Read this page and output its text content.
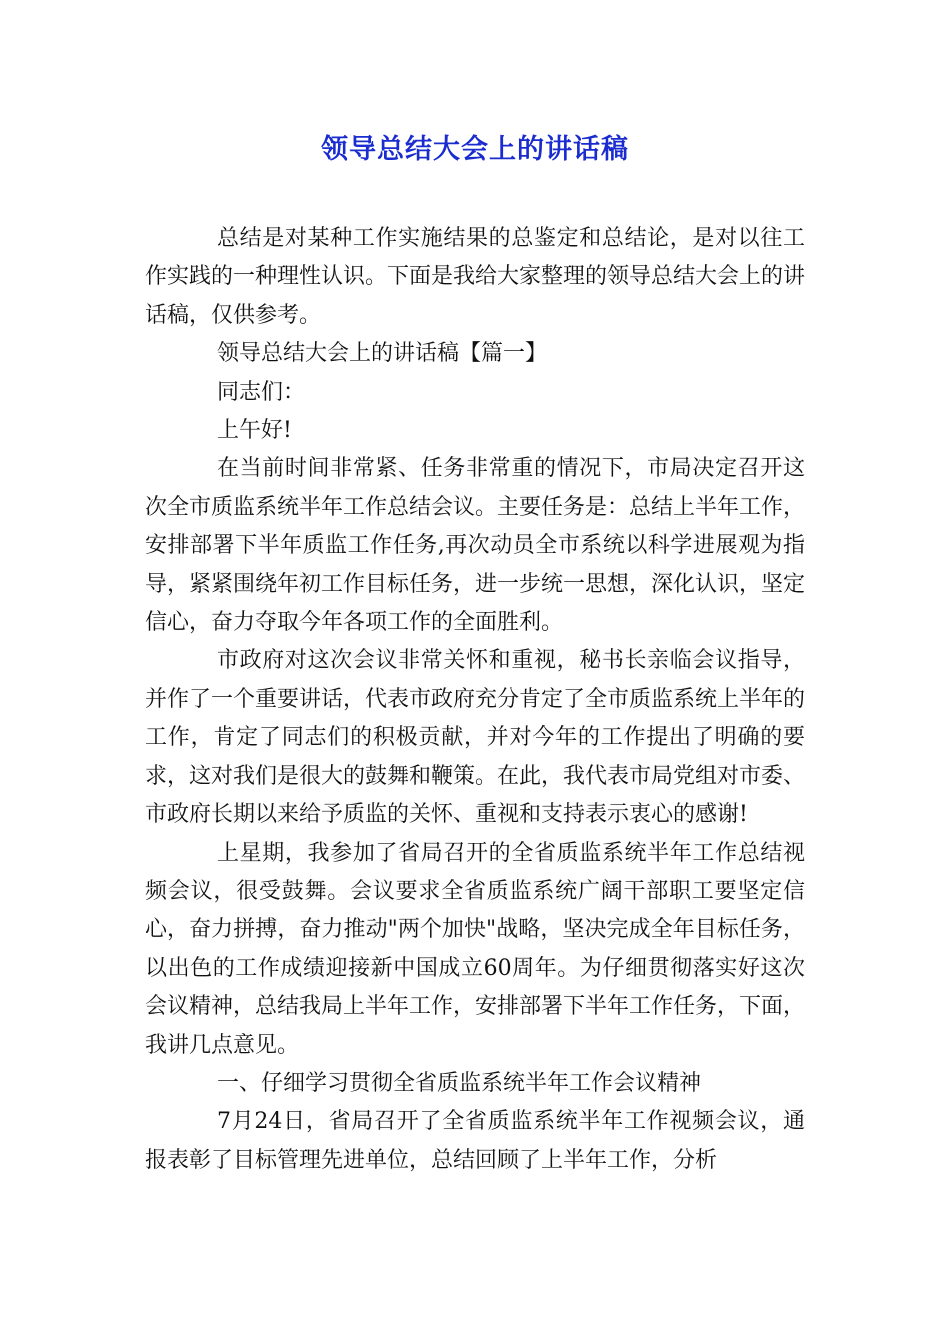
领导总结大会上的讲话稿

总结是对某种工作实施结果的总鉴定和总结论，是对以往工作实践的一种理性认识。下面是我给大家整理的领导总结大会上的讲话稿，仅供参考。

领导总结大会上的讲话稿【篇一】

同志们：

上午好!

在当前时间非常紧、任务非常重的情况下，市局决定召开这次全市质监系统半年工作总结会议。主要任务是：总结上半年工作，安排部署下半年质监工作任务,再次动员全市系统以科学进展观为指导，紧紧围绕年初工作目标任务，进一步统一思想，深化认识，坚定信心，奋力夺取今年各项工作的全面胜利。

市政府对这次会议非常关怀和重视，秘书长亲临会议指导，并作了一个重要讲话，代表市政府充分肯定了全市质监系统上半年的工作，肯定了同志们的积极贡献，并对今年的工作提出了明确的要求，这对我们是很大的鼓舞和鞭策。在此，我代表市局党组对市委、市政府长期以来给予质监的关怀、重视和支持表示衷心的感谢!

上星期，我参加了省局召开的全省质监系统半年工作总结视频会议，很受鼓舞。会议要求全省质监系统广阔干部职工要坚定信心，奋力拼搏，奋力推动"两个加快"战略，坚决完成全年目标任务，以出色的工作成绩迎接新中国成立60周年。为仔细贯彻落实好这次会议精神，总结我局上半年工作，安排部署下半年工作任务，下面，我讲几点意见。

一、仔细学习贯彻全省质监系统半年工作会议精神

7月24日，省局召开了全省质监系统半年工作视频会议，通报表彰了目标管理先进单位，总结回顾了上半年工作，分析
